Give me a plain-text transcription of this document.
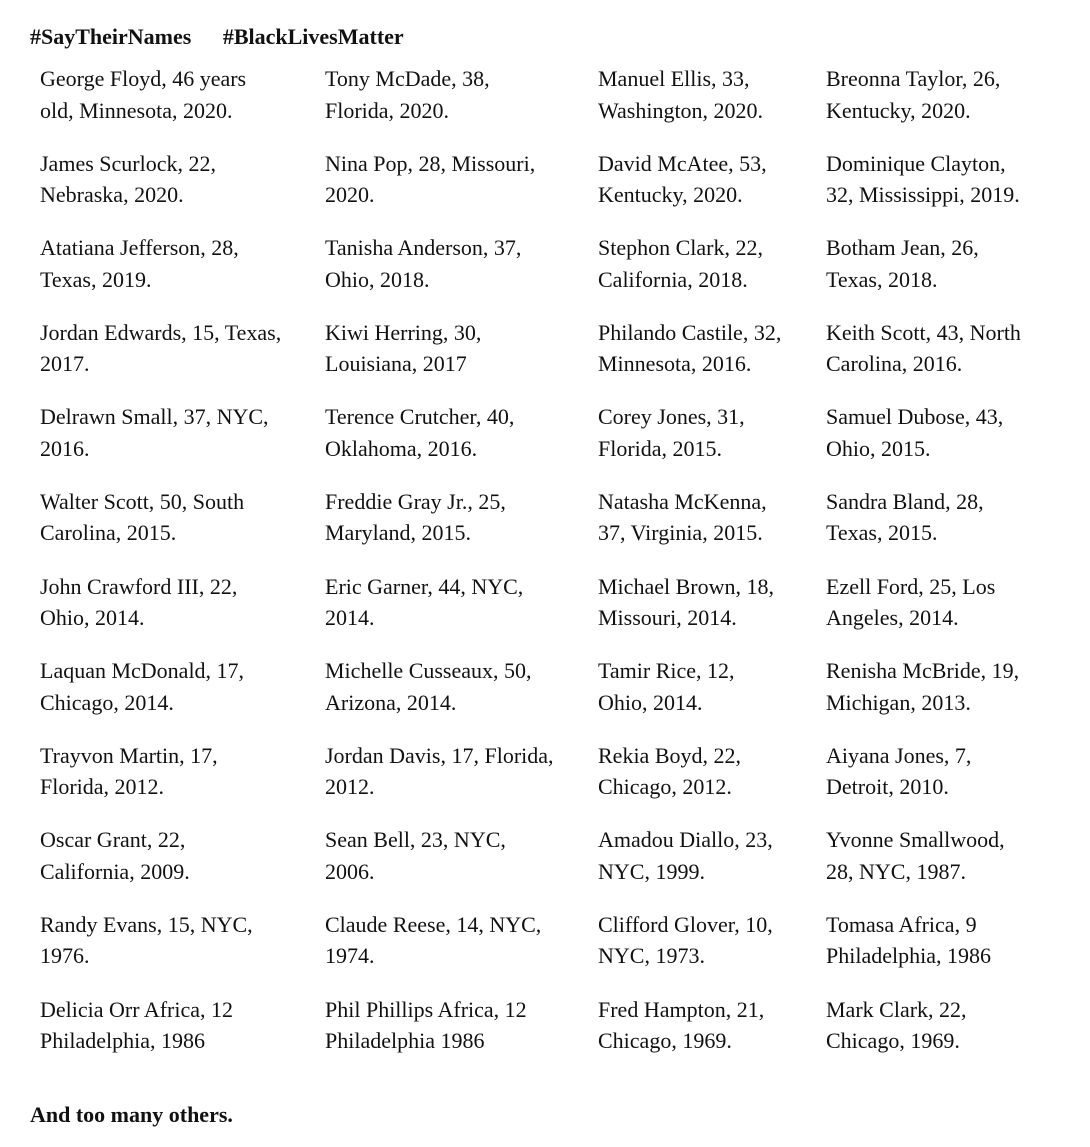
#SayTheirNames #BlackLivesMatter
George Floyd, 46 years
old, Minnesota, 2020.
Tony McDade, 38,
Florida, 2020.
Manuel Ellis, 33,
Washington, 2020.
Breonna Taylor, 26,
Kentucky, 2020.
James Scurlock, 22,
Nebraska, 2020.
Nina Pop, 28, Missouri,
2020.
David McAtee, 53,
Kentucky, 2020.
Dominique Clayton,
32, Mississippi, 2019.
Atatiana Jefferson, 28,
Texas, 2019.
Tanisha Anderson, 37,
Ohio, 2018.
Stephon Clark, 22,
California, 2018.
Botham Jean, 26,
Texas, 2018.
Jordan Edwards, 15, Texas,
2017.
Kiwi Herring, 30,
Louisiana, 2017
Philando Castile, 32,
Minnesota, 2016.
Keith Scott, 43, North
Carolina, 2016.
Delrawn Small, 37, NYC,
2016.
Terence Crutcher, 40,
Oklahoma, 2016.
Corey Jones, 31,
Florida, 2015.
Samuel Dubose, 43,
Ohio, 2015.
Walter Scott, 50, South
Carolina, 2015.
Freddie Gray Jr., 25,
Maryland, 2015.
Natasha McKenna,
37, Virginia, 2015.
Sandra Bland, 28,
Texas, 2015.
John Crawford III, 22,
Ohio, 2014.
Eric Garner, 44, NYC,
2014.
Michael Brown, 18,
Missouri, 2014.
Ezell Ford, 25, Los
Angeles, 2014.
Laquan McDonald, 17,
Chicago, 2014.
Michelle Cusseaux, 50,
Arizona, 2014.
Tamir Rice, 12,
Ohio, 2014.
Renisha McBride, 19,
Michigan, 2013.
Trayvon Martin, 17,
Florida, 2012.
Jordan Davis, 17, Florida,
2012.
Rekia Boyd, 22,
Chicago, 2012.
Aiyana Jones, 7,
Detroit, 2010.
Oscar Grant, 22,
California, 2009.
Sean Bell, 23, NYC,
2006.
Amadou Diallo, 23,
NYC, 1999.
Yvonne Smallwood,
28, NYC, 1987.
Randy Evans, 15, NYC,
1976.
Claude Reese, 14, NYC,
1974.
Clifford Glover, 10,
NYC, 1973.
Tomasa Africa, 9
Philadelphia, 1986
Delicia Orr Africa, 12
Philadelphia, 1986
Phil Phillips Africa, 12
Philadelphia 1986
Fred Hampton, 21,
Chicago, 1969.
Mark Clark, 22,
Chicago, 1969.
And too many others.
